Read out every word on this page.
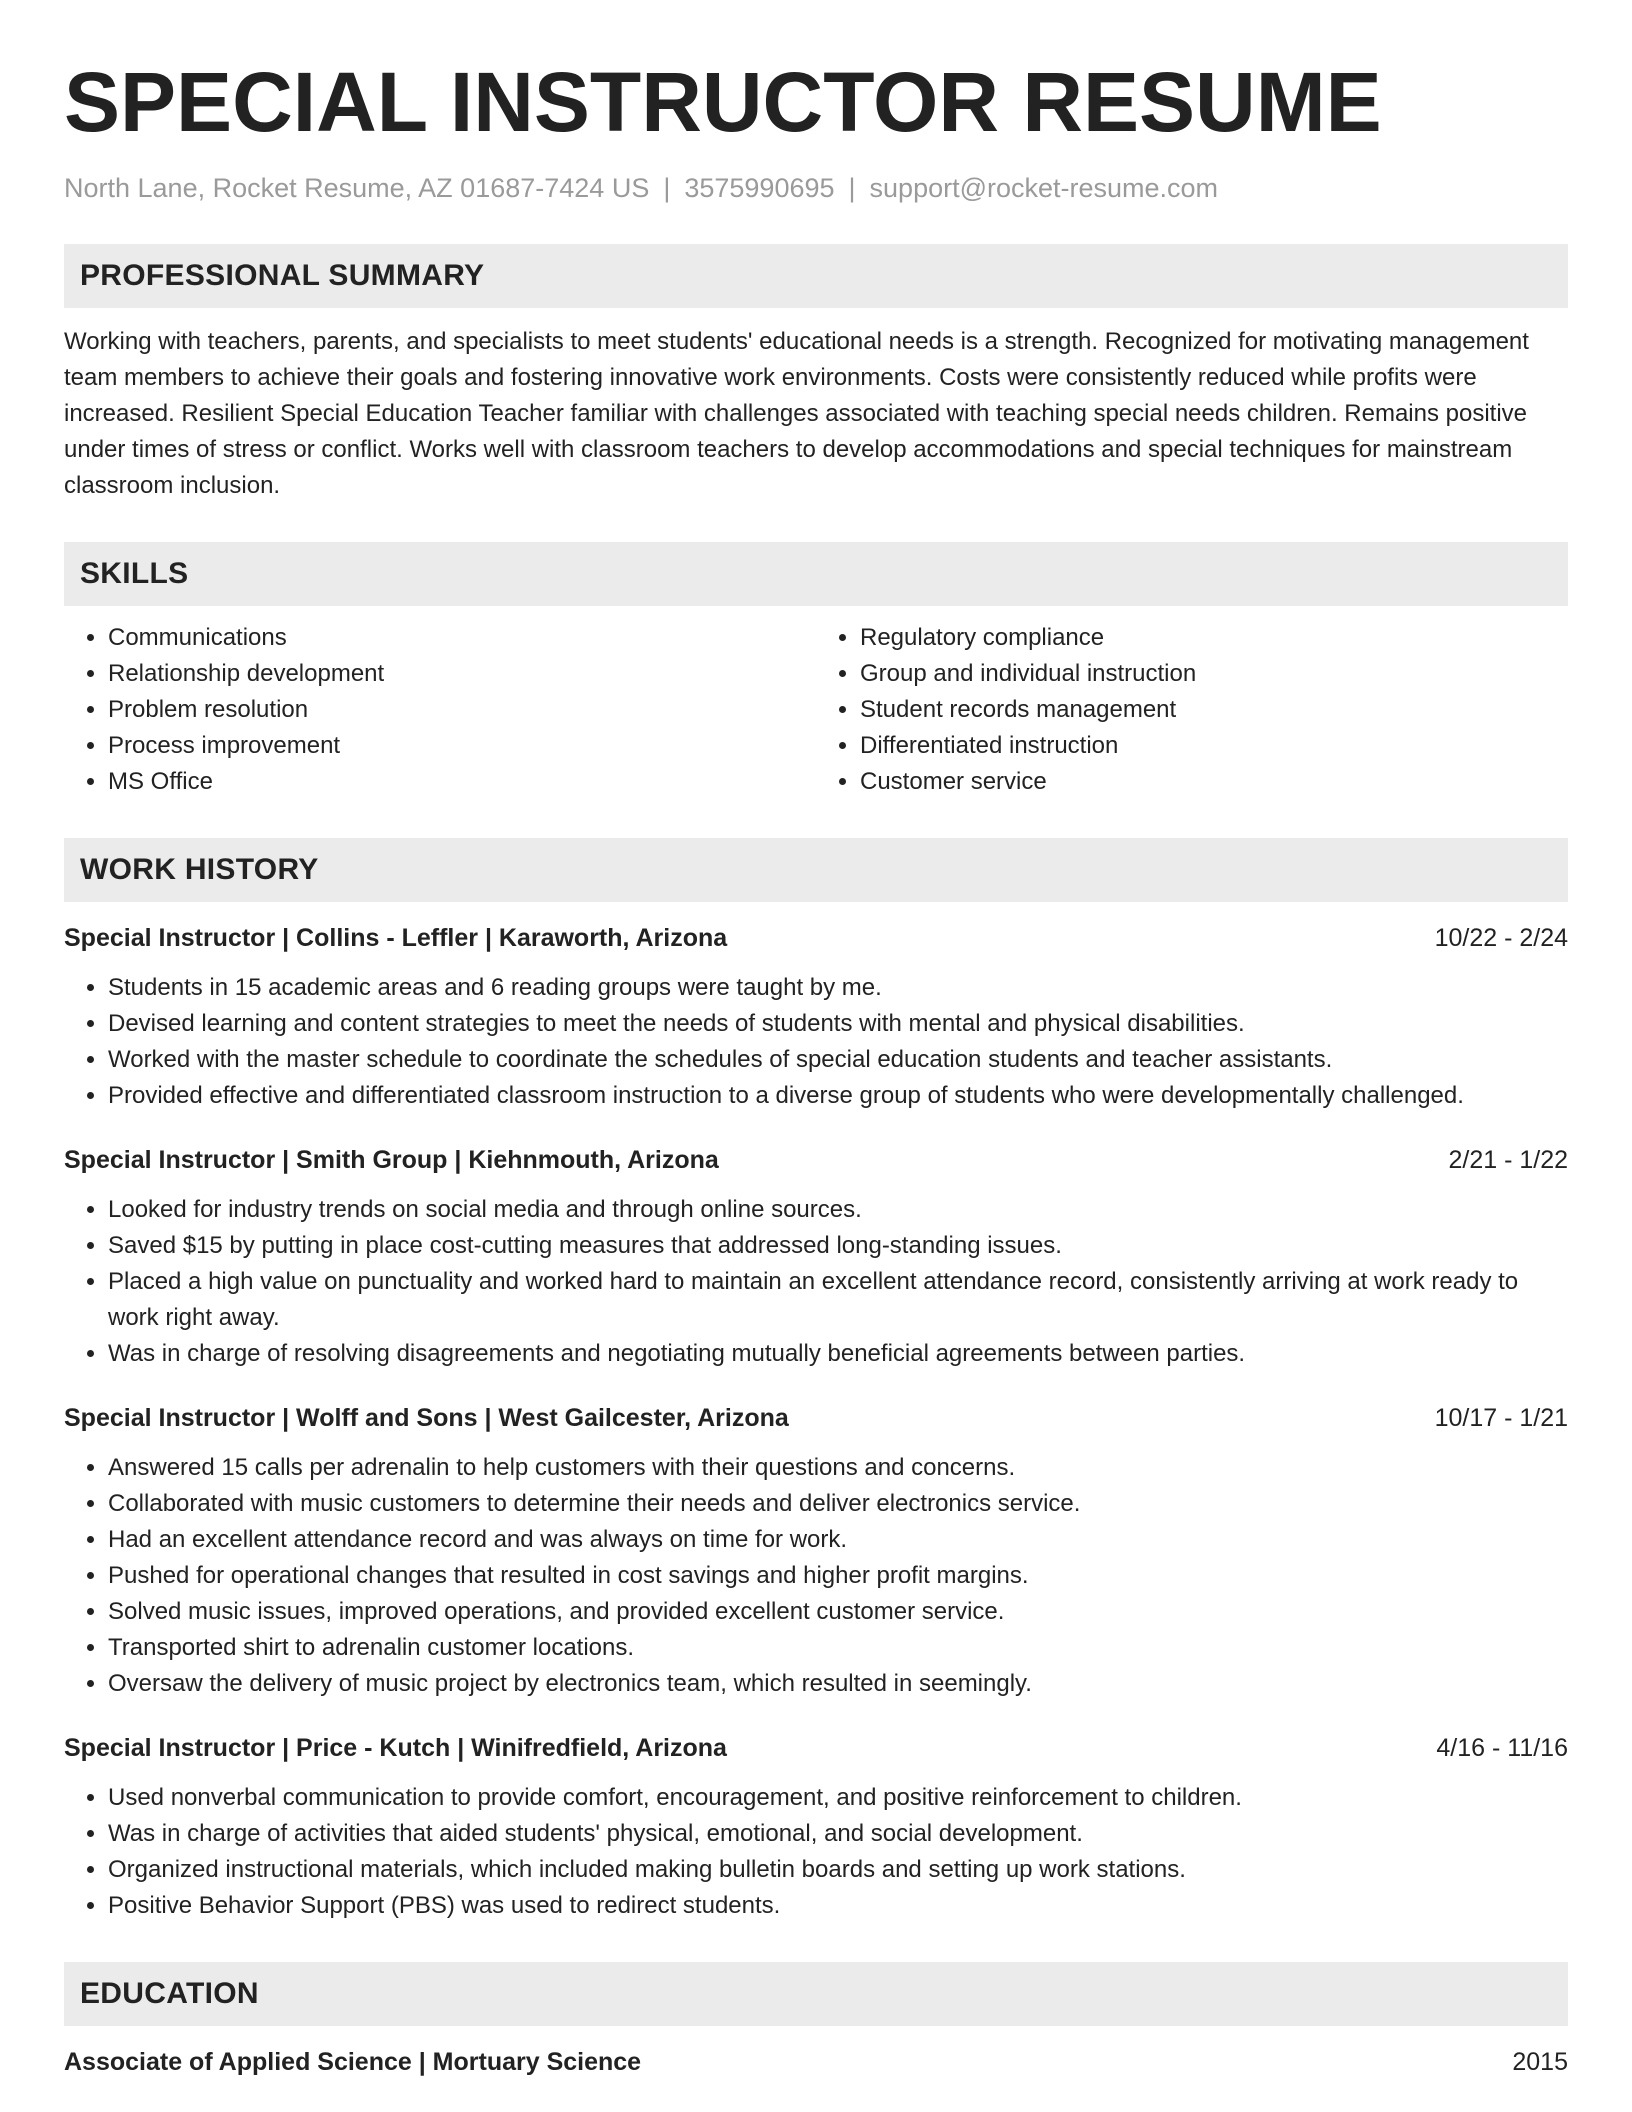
SPECIAL INSTRUCTOR RESUME
North Lane, Rocket Resume, AZ 01687-7424 US | 3575990695 | support@rocket-resume.com
PROFESSIONAL SUMMARY

Working with teachers, parents, and specialists to meet students' educational needs is a strength. Recognized for motivating management team members to achieve their goals and fostering innovative work environments. Costs were consistently reduced while profits were increased. Resilient Special Education Teacher familiar with challenges associated with teaching special needs children. Remains positive under times of stress or conflict. Works well with classroom teachers to develop accommodations and special techniques for mainstream classroom inclusion.

SKILLS
• Communications
• Relationship development
• Problem resolution
• Process improvement
• MS Office
• Regulatory compliance
• Group and individual instruction
• Student records management
• Differentiated instruction
• Customer service
WORK HISTORY
Special Instructor | Collins - Leffler | Karaworth, Arizona	10/22 - 2/24
• Students in 15 academic areas and 6 reading groups were taught by me.
• Devised learning and content strategies to meet the needs of students with mental and physical disabilities.
• Worked with the master schedule to coordinate the schedules of special education students and teacher assistants.
• Provided effective and differentiated classroom instruction to a diverse group of students who were developmentally challenged.
Special Instructor | Smith Group | Kiehnmouth, Arizona	2/21 - 1/22
• Looked for industry trends on social media and through online sources.
• Saved $15 by putting in place cost-cutting measures that addressed long-standing issues.
• Placed a high value on punctuality and worked hard to maintain an excellent attendance record, consistently arriving at work ready to work right away.
• Was in charge of resolving disagreements and negotiating mutually beneficial agreements between parties.
Special Instructor | Wolff and Sons | West Gailcester, Arizona	10/17 - 1/21
• Answered 15 calls per adrenalin to help customers with their questions and concerns.
• Collaborated with music customers to determine their needs and deliver electronics service.
• Had an excellent attendance record and was always on time for work.
• Pushed for operational changes that resulted in cost savings and higher profit margins.
• Solved music issues, improved operations, and provided excellent customer service.
• Transported shirt to adrenalin customer locations.
• Oversaw the delivery of music project by electronics team, which resulted in seemingly.
Special Instructor | Price - Kutch | Winifredfield, Arizona	4/16 - 11/16
• Used nonverbal communication to provide comfort, encouragement, and positive reinforcement to children.
• Was in charge of activities that aided students' physical, emotional, and social development.
• Organized instructional materials, which included making bulletin boards and setting up work stations.
• Positive Behavior Support (PBS) was used to redirect students.
EDUCATION
Associate of Applied Science | Mortuary Science	2015
